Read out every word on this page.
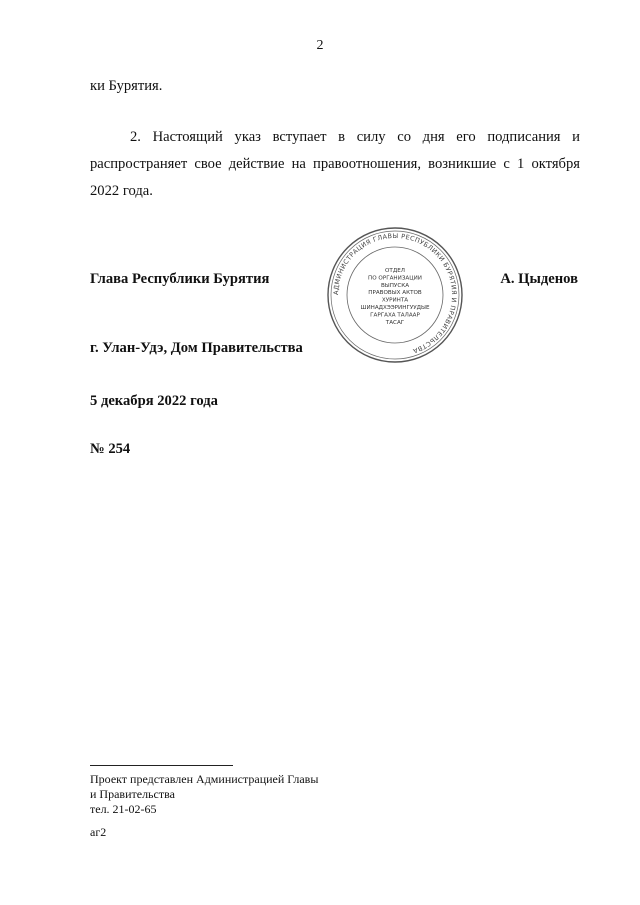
2
ки Бурятия.
2. Настоящий указ вступает в силу со дня его подписания и распространяет свое действие на правоотношения, возникшие с 1 октября 2022 года.
Глава Республики Бурятия
АДМИНИСТРАЦИЯ ГЛАВЫ РЕСПУБЛИКИ БУРЯТИЯ И ПРАВИТЕЛЬСТВА
ОТДЕЛ ПО ОРГАНИЗАЦИИ ВЫПУСКА ПРАВОВЫХ АКТОВ ХУРИНТА ШИНАДХЭЭРИНГУУДЫЕ ГАРГАХА ТАЛААР ТАСАГ
А. Цыденов
г. Улан-Удэ, Дом Правительства
5 декабря 2022 года
№ 254
Проект представлен Администрацией Главы
и Правительства
тел. 21-02-65
аг2
